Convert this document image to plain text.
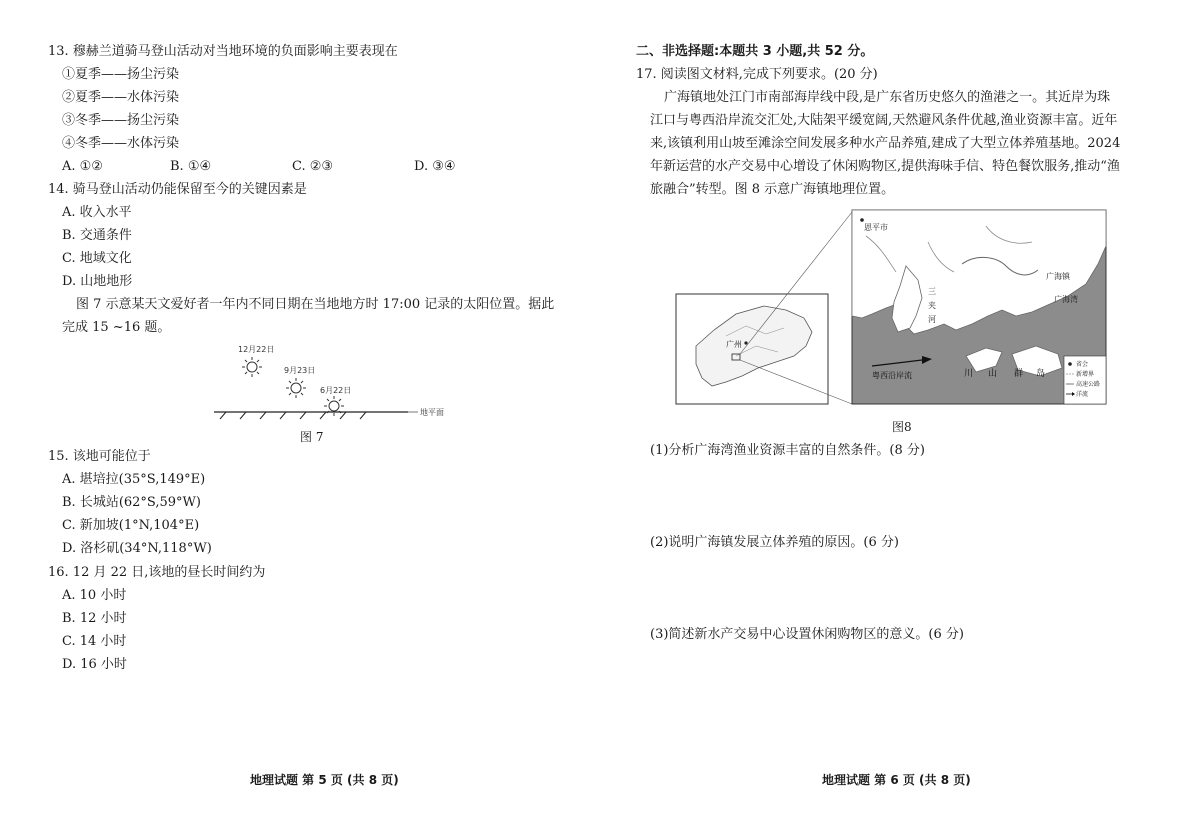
13. 穆赫兰道骑马登山活动对当地环境的负面影响主要表现在
①夏季——扬尘污染
②夏季——水体污染
③冬季——扬尘污染
④冬季——水体污染
A. ①②	B. ①④	C. ②③	D. ③④
14. 骑马登山活动仍能保留至今的关键因素是
A. 收入水平
B. 交通条件
C. 地域文化
D. 山地地形
图 7 示意某天文爱好者一年内不同日期在当地地方时 17:00 记录的太阳位置。据此
完成 15 ~16 题。
12月22日
9月23日
6月22日
地平面
图 7
15. 该地可能位于
A. 堪培拉(35°S,149°E)
B. 长城站(62°S,59°W)
C. 新加坡(1°N,104°E)
D. 洛杉矶(34°N,118°W)
16. 12 月 22 日,该地的昼长时间约为
A. 10 小时
B. 12 小时
C. 14 小时
D. 16 小时
地理试题 第 5 页 (共 8 页)
二、非选择题:本题共 3 小题,共 52 分。
17. 阅读图文材料,完成下列要求。(20 分)
广海镇地处江门市南部海岸线中段,是广东省历史悠久的渔港之一。其近岸为珠
江口与粤西沿岸流交汇处,大陆架平缓宽阔,天然避风条件优越,渔业资源丰富。近年
来,该镇利用山坡至滩涂空间发展多种水产品养殖,建成了大型立体养殖基地。2024
年新运营的水产交易中心增设了休闲购物区,提供海味手信、特色餐饮服务,推动“渔
旅融合”转型。图 8 示意广海镇地理位置。
广州
恩平市
广海镇
广海湾
三
夹
河
粤西沿岸流	川 山 群 岛
省会
新增界
高速公路
洋流
图8
(1)分析广海湾渔业资源丰富的自然条件。(8 分)
(2)说明广海镇发展立体养殖的原因。(6 分)
(3)简述新水产交易中心设置休闲购物区的意义。(6 分)
地理试题 第 6 页 (共 8 页)
